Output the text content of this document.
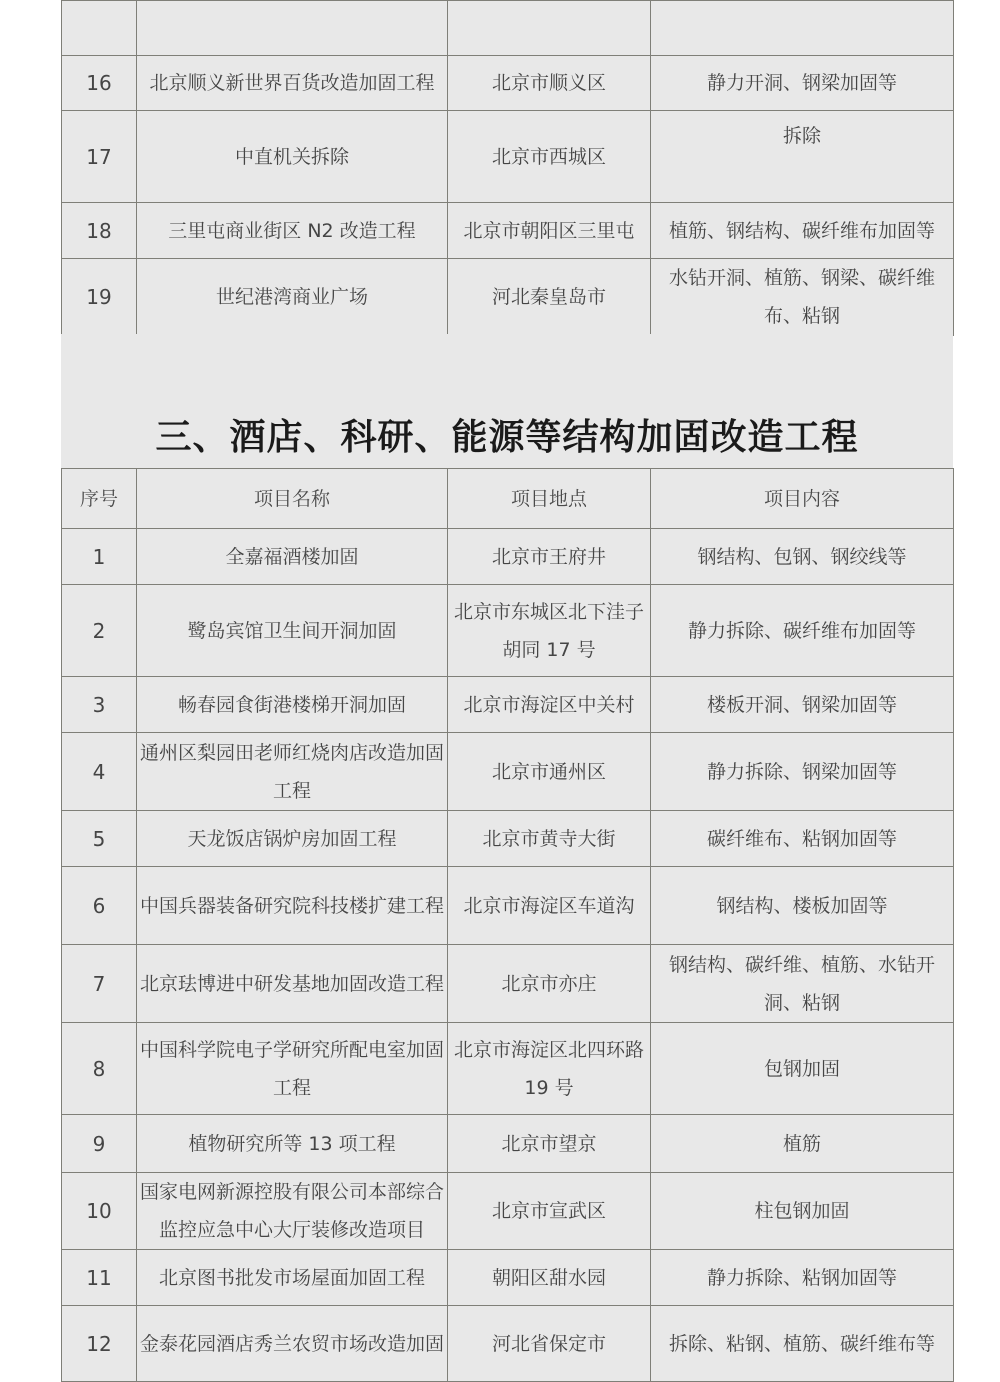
16	北京顺义新世界百货改造加固工程	北京市顺义区	静力开洞、钢梁加固等
17	中直机关拆除	北京市西城区	拆除
18	三里屯商业街区 N2 改造工程	北京市朝阳区三里屯	植筋、钢结构、碳纤维布加固等
19	世纪港湾商业广场	河北秦皇岛市	水钻开洞、植筋、钢梁、碳纤维布、粘钢
三、酒店、科研、能源等结构加固改造工程
序号	项目名称	项目地点	项目内容
1	全嘉福酒楼加固	北京市王府井	钢结构、包钢、钢绞线等
2	鹭岛宾馆卫生间开洞加固	北京市东城区北下洼子胡同 17 号	静力拆除、碳纤维布加固等
3	畅春园食街港楼梯开洞加固	北京市海淀区中关村	楼板开洞、钢梁加固等
4	通州区梨园田老师红烧肉店改造加固工程	北京市通州区	静力拆除、钢梁加固等
5	天龙饭店锅炉房加固工程	北京市黄寺大街	碳纤维布、粘钢加固等
6	中国兵器装备研究院科技楼扩建工程	北京市海淀区车道沟	钢结构、楼板加固等
7	北京珐博进中研发基地加固改造工程	北京市亦庄	钢结构、碳纤维、植筋、水钻开洞、粘钢
8	中国科学院电子学研究所配电室加固工程	北京市海淀区北四环路 19 号	包钢加固
9	植物研究所等 13 项工程	北京市望京	植筋
10	国家电网新源控股有限公司本部综合监控应急中心大厅装修改造项目	北京市宣武区	柱包钢加固
11	北京图书批发市场屋面加固工程	朝阳区甜水园	静力拆除、粘钢加固等
12	金泰花园酒店秀兰农贸市场改造加固	河北省保定市	拆除、粘钢、植筋、碳纤维布等
